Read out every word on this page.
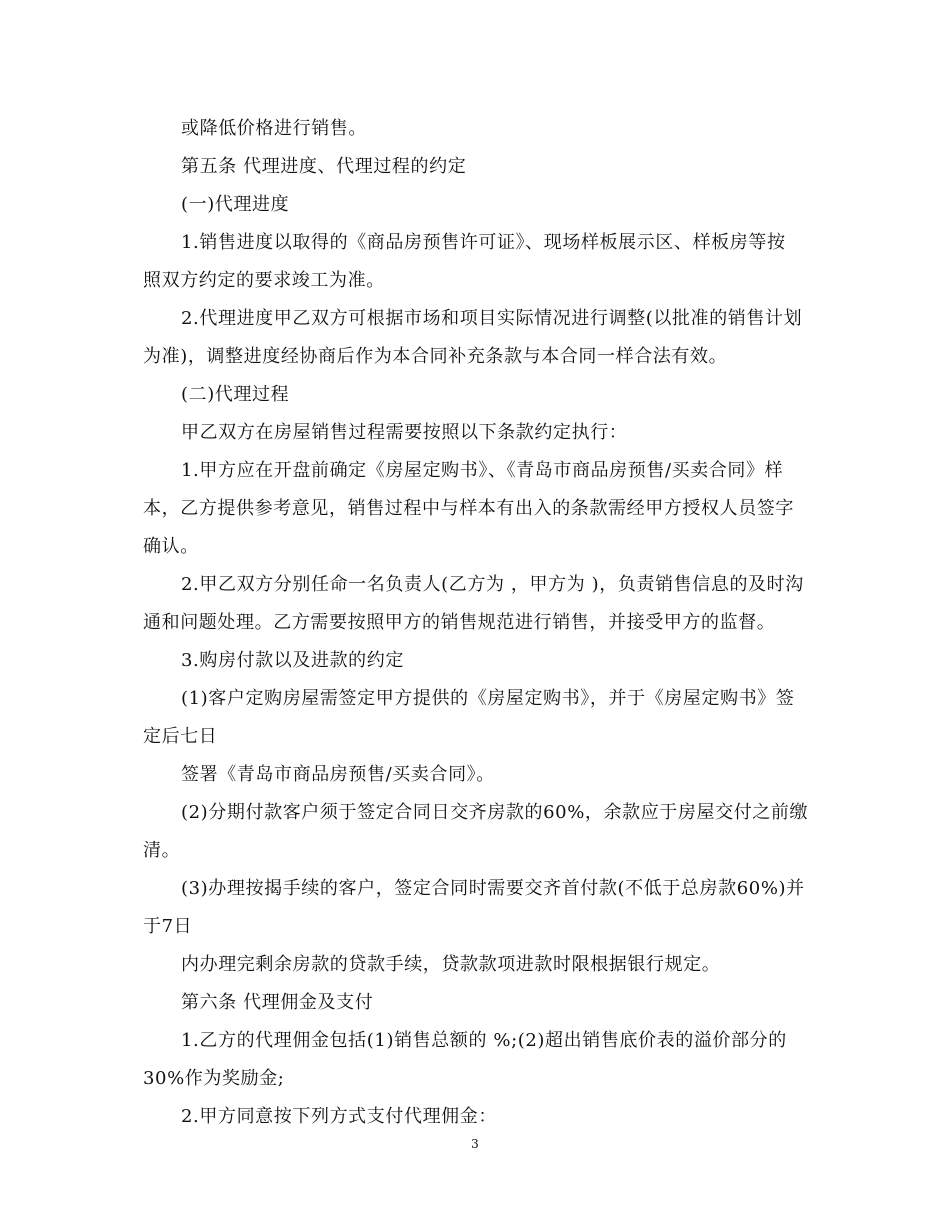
或降低价格进行销售。
第五条 代理进度、代理过程的约定
(一)代理进度
1.销售进度以取得的《商品房预售许可证》、现场样板展示区、样板房等按
照双方约定的要求竣工为准。
2.代理进度甲乙双方可根据市场和项目实际情况进行调整(以批准的销售计划
为准)，调整进度经协商后作为本合同补充条款与本合同一样合法有效。
(二)代理过程
甲乙双方在房屋销售过程需要按照以下条款约定执行：
1.甲方应在开盘前确定《房屋定购书》、《青岛市商品房预售/买卖合同》样
本，乙方提供参考意见，销售过程中与样本有出入的条款需经甲方授权人员签字
确认。
2.甲乙双方分别任命一名负责人(乙方为 ，甲方为 )，负责销售信息的及时沟
通和问题处理。乙方需要按照甲方的销售规范进行销售，并接受甲方的监督。
3.购房付款以及进款的约定
(1)客户定购房屋需签定甲方提供的《房屋定购书》，并于《房屋定购书》签
定后七日
签署《青岛市商品房预售/买卖合同》。
(2)分期付款客户须于签定合同日交齐房款的60%，余款应于房屋交付之前缴
清。
(3)办理按揭手续的客户，签定合同时需要交齐首付款(不低于总房款60%)并
于7日
内办理完剩余房款的贷款手续，贷款款项进款时限根据银行规定。
第六条 代理佣金及支付
1.乙方的代理佣金包括(1)销售总额的 %;(2)超出销售底价表的溢价部分的
30%作为奖励金;
2.甲方同意按下列方式支付代理佣金：
3
